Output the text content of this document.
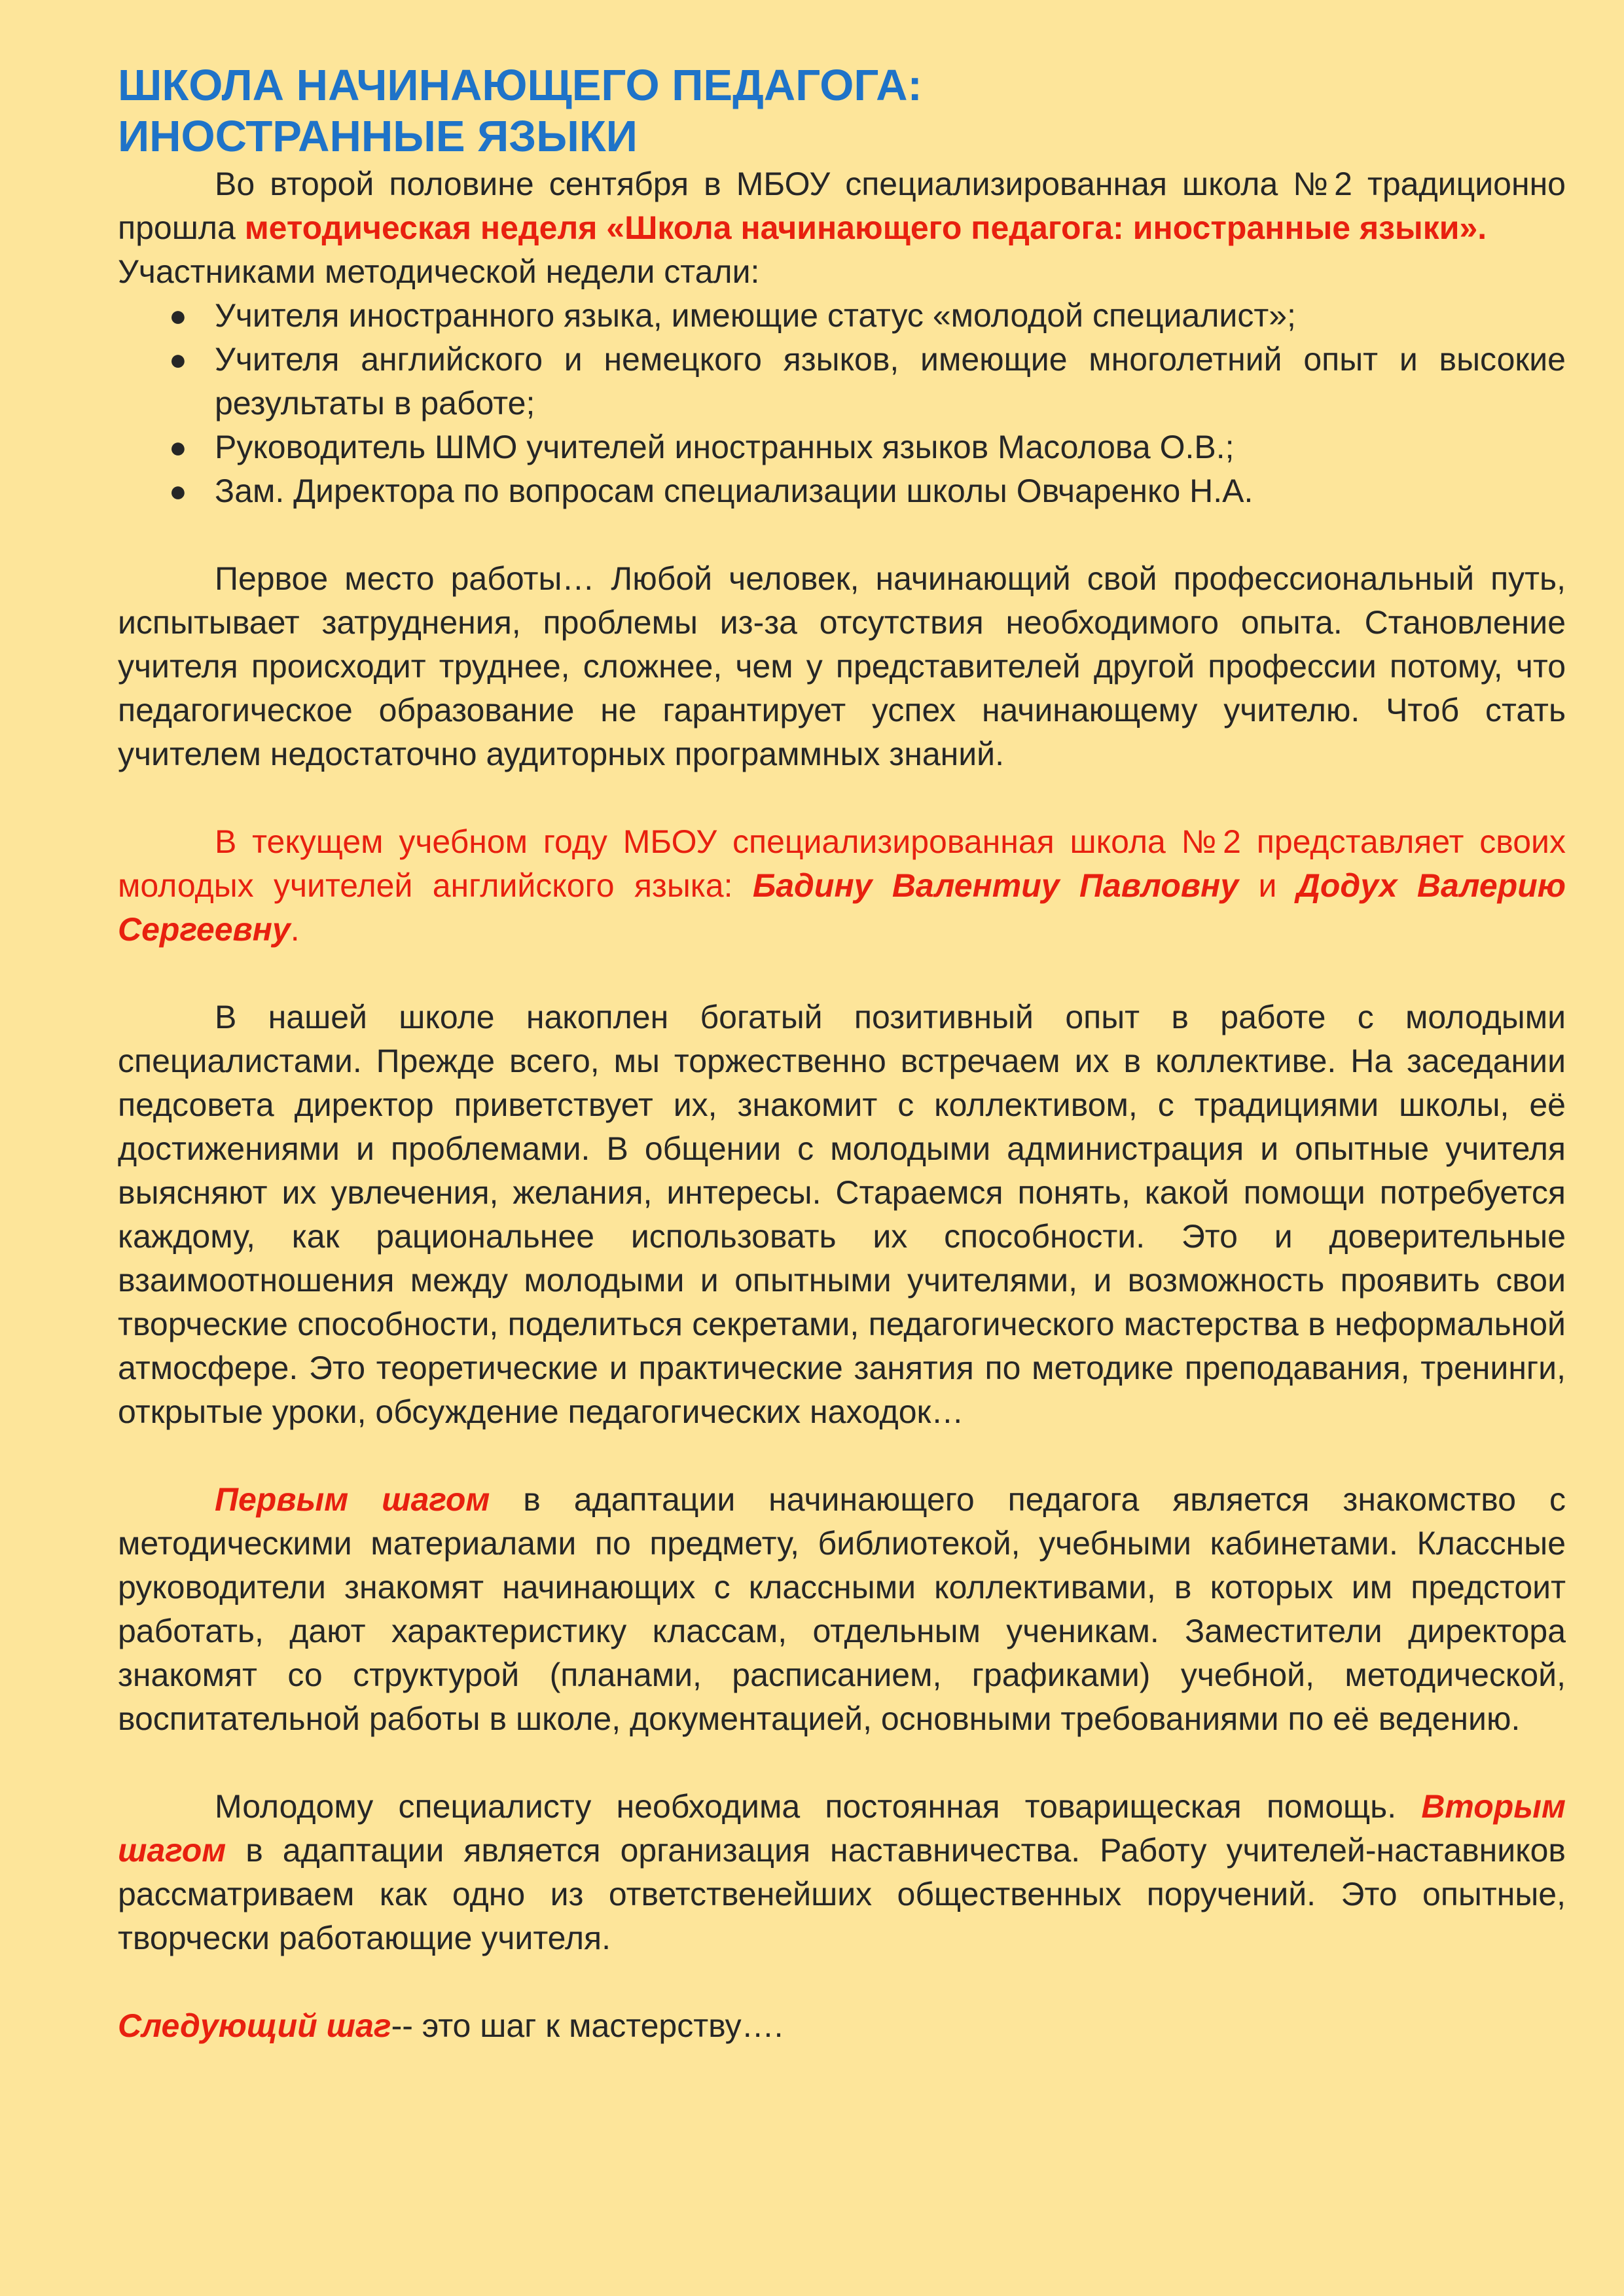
ШКОЛА НАЧИНАЮЩЕГО ПЕДАГОГА:
ИНОСТРАННЫЕ ЯЗЫКИ

Во второй половине сентября в МБОУ специализированная школа №2 традиционно прошла методическая неделя «Школа начинающего педагога: иностранные языки».

Участниками методической недели стали:

● Учителя иностранного языка, имеющие статус «молодой специалист»;
● Учителя английского и немецкого языков, имеющие многолетний опыт и высокие результаты в работе;
● Руководитель ШМО учителей иностранных языков Масолова О.В.;
● Зам. Директора по вопросам специализации школы Овчаренко Н.А.

Первое место работы… Любой человек, начинающий свой профессиональный путь, испытывает затруднения, проблемы из-за отсутствия необходимого опыта. Становление учителя происходит труднее, сложнее, чем у представителей другой профессии потому, что педагогическое образование не гарантирует успех начинающему учителю. Чтоб стать учителем недостаточно аудиторных программных знаний.

В текущем учебном году МБОУ специализированная школа №2 представляет своих молодых учителей английского языка: Бадину Валентиу Павловну и Додух Валерию Сергеевну.

В нашей школе накоплен богатый позитивный опыт в работе с молодыми специалистами. Прежде всего, мы торжественно встречаем их в коллективе. На заседании педсовета директор приветствует их, знакомит с коллективом, с традициями школы, её достижениями и проблемами. В общении с молодыми администрация и опытные учителя выясняют их увлечения, желания, интересы. Стараемся понять, какой помощи потребуется каждому, как рациональнее использовать их способности. Это и доверительные взаимоотношения между молодыми и опытными учителями, и возможность проявить свои творческие способности, поделиться секретами, педагогического мастерства в неформальной атмосфере. Это теоретические и практические занятия по методике преподавания, тренинги, открытые уроки, обсуждение педагогических находок…

Первым шагом в адаптации начинающего педагога является знакомство с методическими материалами по предмету, библиотекой, учебными кабинетами. Классные руководители знакомят начинающих с классными коллективами, в которых им предстоит работать, дают характеристику классам, отдельным ученикам. Заместители директора знакомят со структурой (планами, расписанием, графиками) учебной, методической, воспитательной работы в школе, документацией, основными требованиями по её ведению.

Молодому специалисту необходима постоянная товарищеская помощь. Вторым шагом в адаптации является организация наставничества. Работу учителей-наставников рассматриваем как одно из ответственейших общественных поручений. Это опытные, творчески работающие учителя.

Следующий шаг-- это шаг к мастерству….
